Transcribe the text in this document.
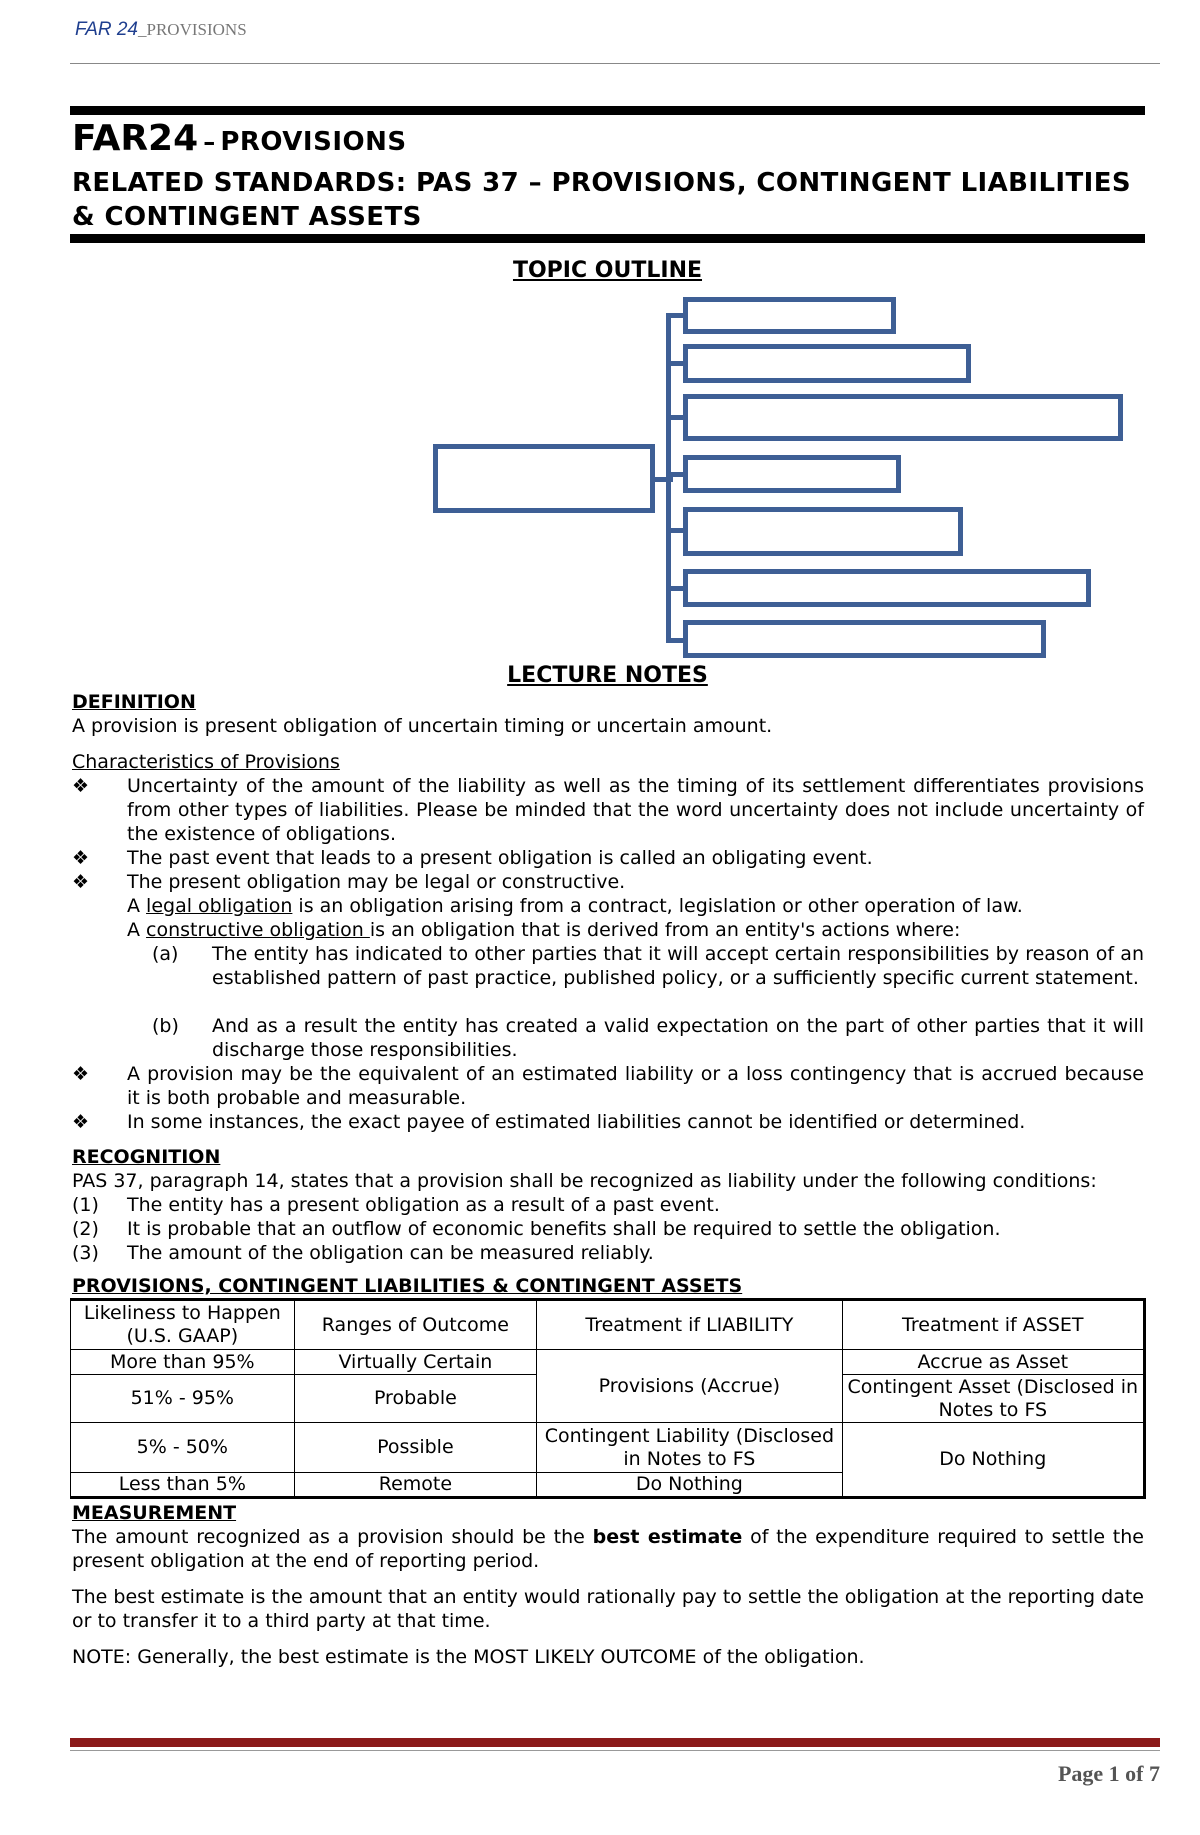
FAR 24_PROVISIONS
FAR24 – PROVISIONS
RELATED STANDARDS: PAS 37 – PROVISIONS, CONTINGENT LIABILITIES & CONTINGENT ASSETS
TOPIC OUTLINE
LECTURE NOTES
DEFINITION
A provision is present obligation of uncertain timing or uncertain amount.
Characteristics of Provisions
❖ Uncertainty of the amount of the liability as well as the timing of its settlement differentiates provisions from other types of liabilities. Please be minded that the word uncertainty does not include uncertainty of the existence of obligations.
❖ The past event that leads to a present obligation is called an obligating event.
❖ The present obligation may be legal or constructive.
A legal obligation is an obligation arising from a contract, legislation or other operation of law.
A constructive obligation is an obligation that is derived from an entity's actions where:
(a) The entity has indicated to other parties that it will accept certain responsibilities by reason of an established pattern of past practice, published policy, or a sufficiently specific current statement.
(b) And as a result the entity has created a valid expectation on the part of other parties that it will discharge those responsibilities.
❖ A provision may be the equivalent of an estimated liability or a loss contingency that is accrued because it is both probable and measurable.
❖ In some instances, the exact payee of estimated liabilities cannot be identified or determined.
RECOGNITION
PAS 37, paragraph 14, states that a provision shall be recognized as liability under the following conditions:
(1) The entity has a present obligation as a result of a past event.
(2) It is probable that an outflow of economic benefits shall be required to settle the obligation.
(3) The amount of the obligation can be measured reliably.
PROVISIONS, CONTINGENT LIABILITIES & CONTINGENT ASSETS
Likeliness to Happen (U.S. GAAP)	Ranges of Outcome	Treatment if LIABILITY	Treatment if ASSET
More than 95%	Virtually Certain	Provisions (Accrue)	Accrue as Asset
51% - 95%	Probable		Contingent Asset (Disclosed in Notes to FS
5% - 50%	Possible	Contingent Liability (Disclosed in Notes to FS	Do Nothing
Less than 5%	Remote	Do Nothing	
MEASUREMENT
The amount recognized as a provision should be the best estimate of the expenditure required to settle the present obligation at the end of reporting period.
The best estimate is the amount that an entity would rationally pay to settle the obligation at the reporting date or to transfer it to a third party at that time.
NOTE: Generally, the best estimate is the MOST LIKELY OUTCOME of the obligation.
Page 1 of 7
